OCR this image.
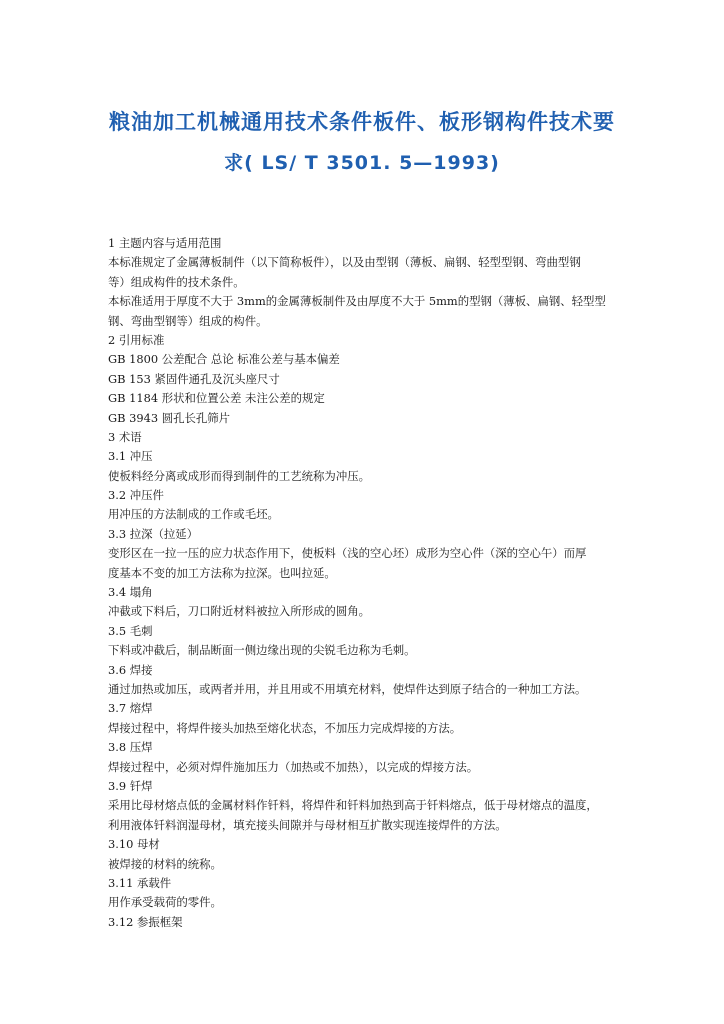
粮油加工机械通用技术条件板件、板形钢构件技术要
求( LS/ T 3501. 5—1993)
1 主题内容与适用范围
本标准规定了金属薄板制件（以下简称板件），以及由型钢（薄板、扁钢、轻型型钢、弯曲型钢
等）组成构件的技术条件。
本标准适用于厚度不大于 3mm的金属薄板制件及由厚度不大于 5mm的型钢（薄板、扁钢、轻型型
钢、弯曲型钢等）组成的构件。
2 引用标准
GB 1800 公差配合 总论 标准公差与基本偏差
GB 153 紧固件通孔及沉头座尺寸
GB 1184 形状和位置公差 未注公差的规定
GB 3943 圆孔长孔筛片
3 术语
3.1 冲压
使板料经分离或成形而得到制件的工艺统称为冲压。
3.2 冲压件
用冲压的方法制成的工作或毛坯。
3.3 拉深（拉延）
变形区在一拉一压的应力状态作用下，使板料（浅的空心坯）成形为空心件（深的空心午）而厚
度基本不变的加工方法称为拉深。也叫拉延。
3.4 塌角
冲截或下料后，刀口附近材料被拉入所形成的圆角。
3.5 毛刺
下料或冲截后，制品断面一侧边缘出现的尖锐毛边称为毛刺。
3.6 焊接
通过加热或加压，或两者并用，并且用或不用填充材料，使焊件达到原子结合的一种加工方法。
3.7 熔焊
焊接过程中，将焊件接头加热至熔化状态，不加压力完成焊接的方法。
3.8 压焊
焊接过程中，必须对焊件施加压力（加热或不加热），以完成的焊接方法。
3.9 钎焊
采用比母材熔点低的金属材料作钎料，将焊件和钎料加热到高于钎料熔点，低于母材熔点的温度，
利用液体钎料润湿母材，填充接头间隙并与母材相互扩散实现连接焊件的方法。
3.10 母材
被焊接的材料的统称。
3.11 承载件
用作承受载荷的零件。
3.12 参振框架
